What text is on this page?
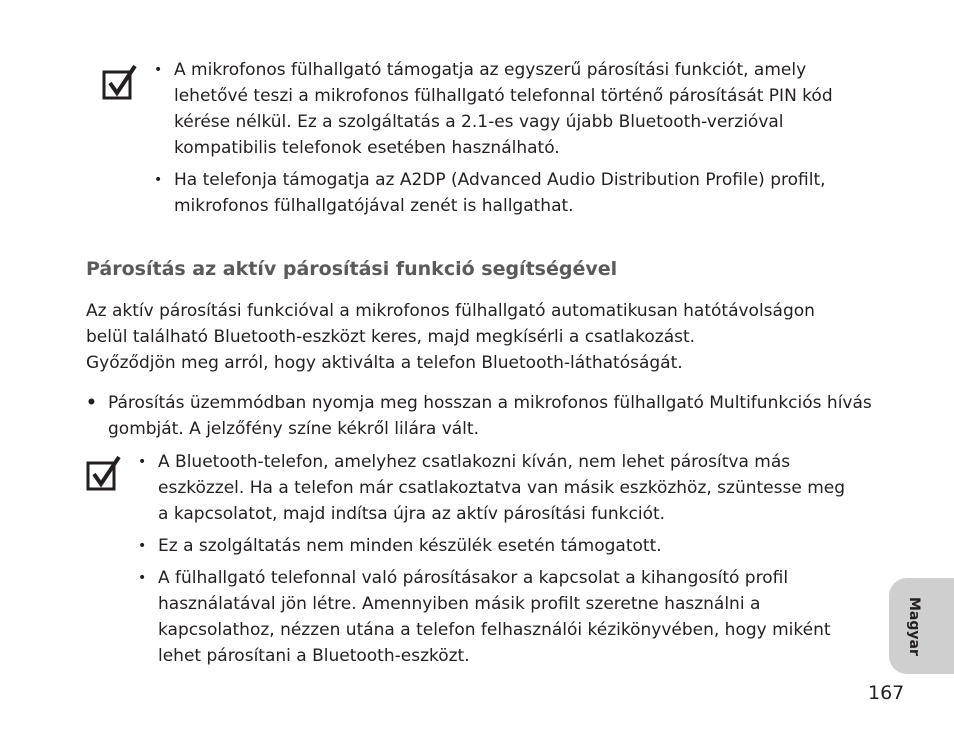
• A mikrofonos fülhallgató támogatja az egyszerű párosítási funkciót, amely lehetővé teszi a mikrofonos fülhallgató telefonnal történő párosítását PIN kód kérése nélkül. Ez a szolgáltatás a 2.1-es vagy újabb Bluetooth-verzióval kompatibilis telefonok esetében használható.
• Ha telefonja támogatja az A2DP (Advanced Audio Distribution Profile) profilt, mikrofonos fülhallgatójával zenét is hallgathat.
Párosítás az aktív párosítási funkció segítségével

Az aktív párosítási funkcióval a mikrofonos fülhallgató automatikusan hatótávolságon
belül található Bluetooth-eszközt keres, majd megkísérli a csatlakozást.
Győződjön meg arról, hogy aktiválta a telefon Bluetooth-láthatóságát.

• Párosítás üzemmódban nyomja meg hosszan a mikrofonos fülhallgató Multifunkciós hívás gombját. A jelzőfény színe kékről lilára vált.
• A Bluetooth-telefon, amelyhez csatlakozni kíván, nem lehet párosítva más eszközzel. Ha a telefon már csatlakoztatva van másik eszközhöz, szüntesse meg a kapcsolatot, majd indítsa újra az aktív párosítási funkciót.
• Ez a szolgáltatás nem minden készülék esetén támogatott.
• A fülhallgató telefonnal való párosításakor a kapcsolat a kihangosító profil használatával jön létre. Amennyiben másik profilt szeretne használni a kapcsolathoz, nézzen utána a telefon felhasználói kézikönyvében, hogy miként lehet párosítani a Bluetooth-eszközt.
Magyar
167
